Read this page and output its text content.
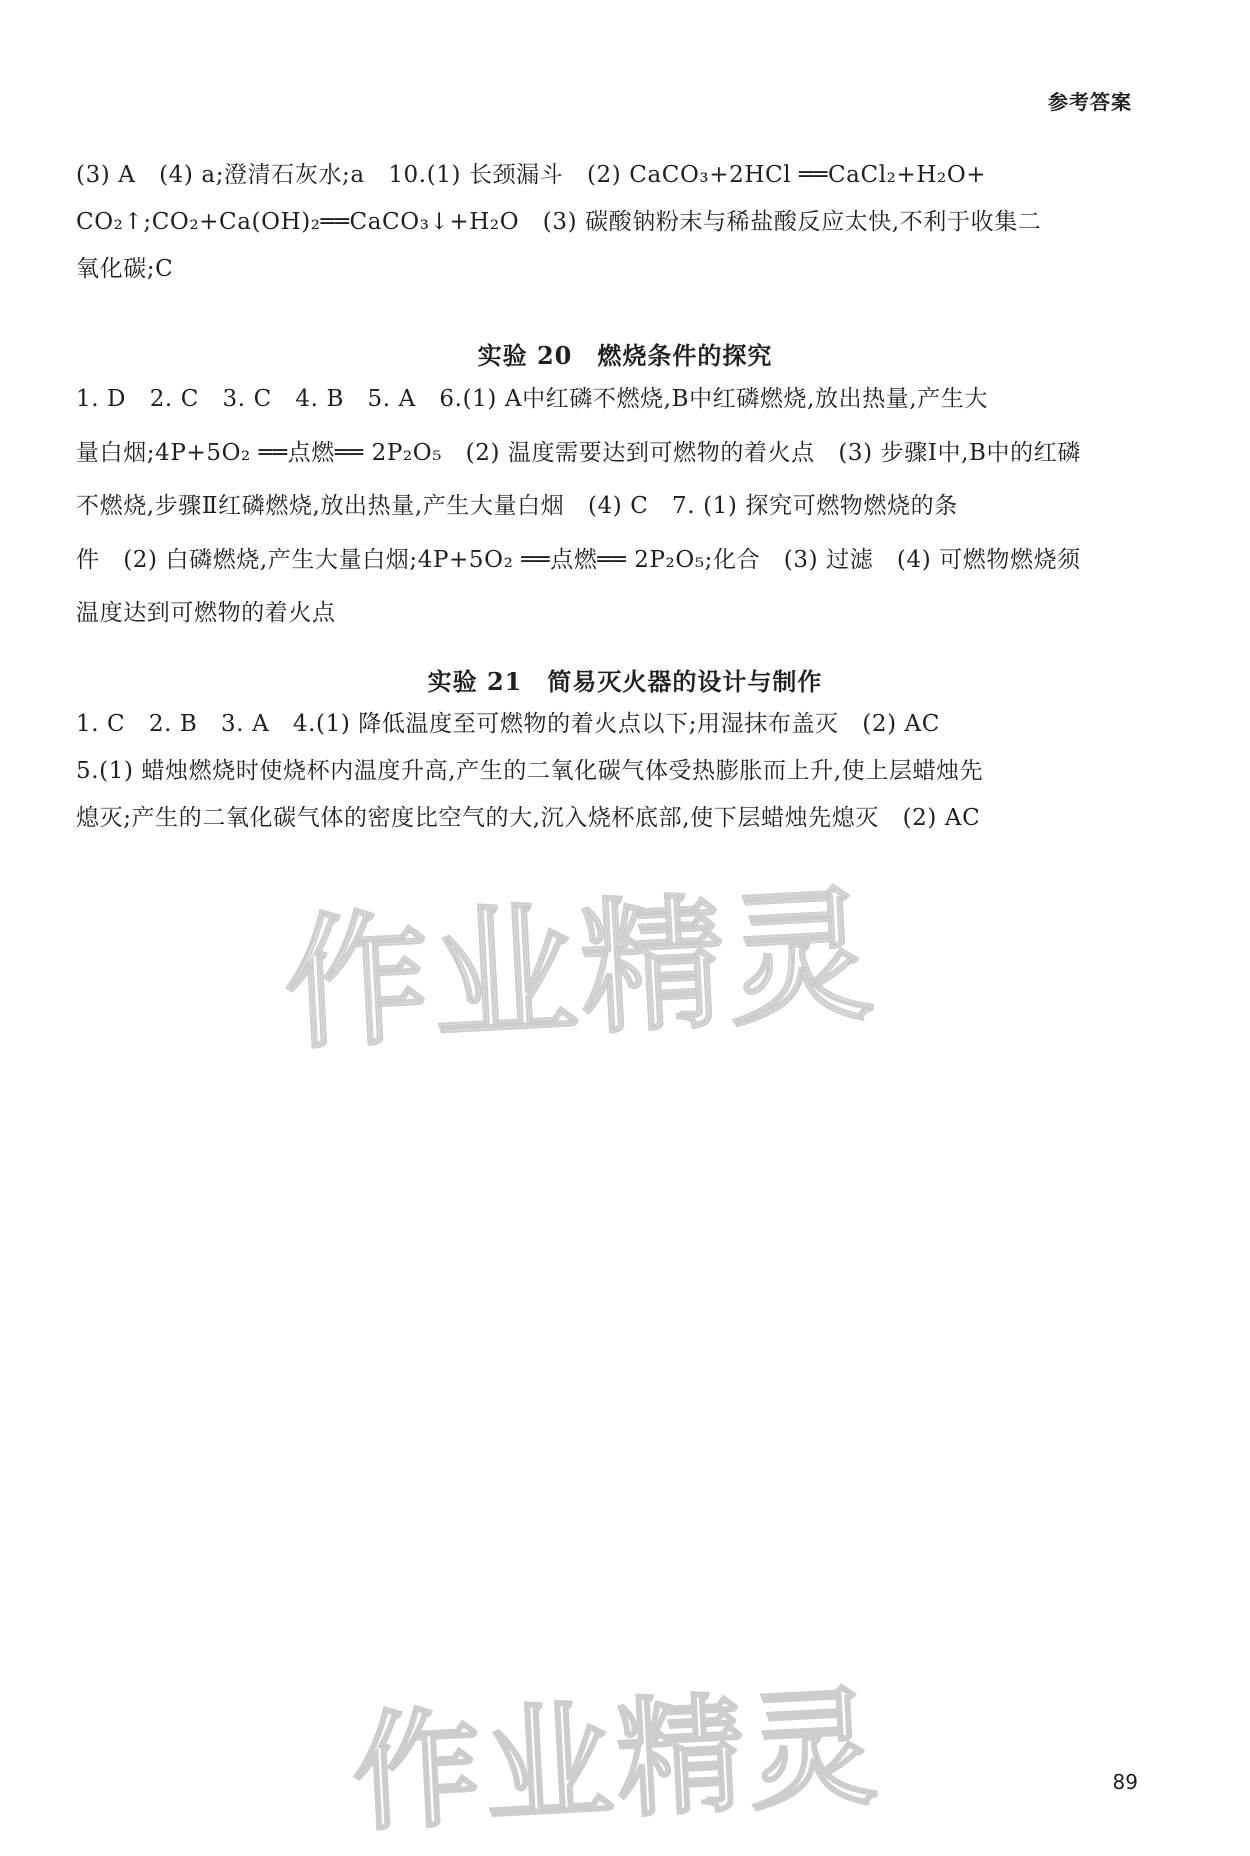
参考答案
(3) A　(4) a;澄清石灰水;a　10.(1) 长颈漏斗　(2) CaCO₃+2HCl ══CaCl₂+H₂O+
CO₂↑;CO₂+Ca(OH)₂══CaCO₃↓+H₂O　(3) 碳酸钠粉末与稀盐酸反应太快,不利于收集二
氧化碳;C
实验 20　燃烧条件的探究
1. D　2. C　3. C　4. B　5. A　6.(1) A中红磷不燃烧,B中红磷燃烧,放出热量,产生大
量白烟;4P+5O₂ ══点燃══ 2P₂O₅　(2) 温度需要达到可燃物的着火点　(3) 步骤Ⅰ中,B中的红磷
不燃烧,步骤Ⅱ红磷燃烧,放出热量,产生大量白烟　(4) C　7. (1) 探究可燃物燃烧的条
件　(2) 白磷燃烧,产生大量白烟;4P+5O₂ ══点燃══ 2P₂O₅;化合　(3) 过滤　(4) 可燃物燃烧须
温度达到可燃物的着火点
实验 21　简易灭火器的设计与制作
1. C　2. B　3. A　4.(1) 降低温度至可燃物的着火点以下;用湿抹布盖灭　(2) AC
5.(1) 蜡烛燃烧时使烧杯内温度升高,产生的二氧化碳气体受热膨胀而上升,使上层蜡烛先
熄灭;产生的二氧化碳气体的密度比空气的大,沉入烧杯底部,使下层蜡烛先熄灭　(2) AC
作业精灵
作业精灵	89
